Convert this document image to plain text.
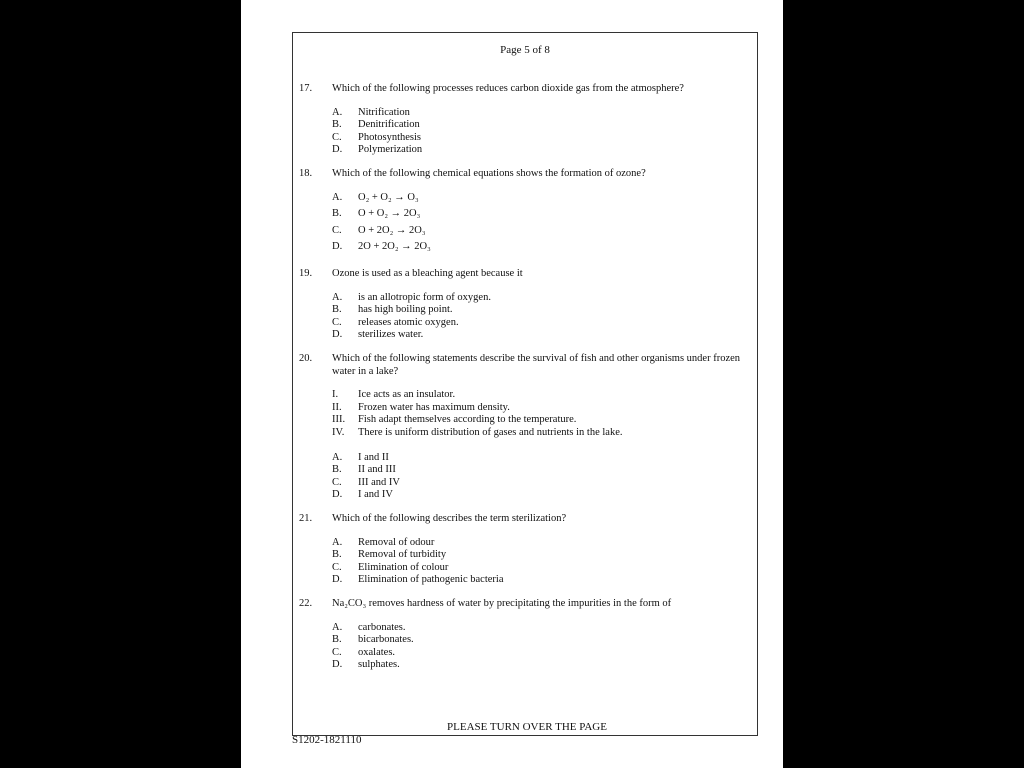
Page 5 of 8
17.	Which of the following processes reduces carbon dioxide gas from the atmosphere?
A.	Nitrification
B.	Denitrification
C.	Photosynthesis
D.	Polymerization
18.	Which of the following chemical equations shows the formation of ozone?
A.	O₂ + O₂ → O₃
B.	O + O₂ → 2O₃
C.	O + 2O₂ → 2O₃
D.	2O + 2O₂ → 2O₃
19.	Ozone is used as a bleaching agent because it
A.	is an allotropic form of oxygen.
B.	has high boiling point.
C.	releases atomic oxygen.
D.	sterilizes water.
20.	Which of the following statements describe the survival of fish and other organisms under frozen water in a lake?
I.	Ice acts as an insulator.
II.	Frozen water has maximum density.
III.	Fish adapt themselves according to the temperature.
IV.	There is uniform distribution of gases and nutrients in the lake.
A.	I and II
B.	II and III
C.	III and IV
D.	I and IV
21.	Which of the following describes the term sterilization?
A.	Removal of odour
B.	Removal of turbidity
C.	Elimination of colour
D.	Elimination of pathogenic bacteria
22.	Na₂CO₃ removes hardness of water by precipitating the impurities in the form of
A.	carbonates.
B.	bicarbonates.
C.	oxalates.
D.	sulphates.
PLEASE TURN OVER THE PAGE
S1202-1821110
